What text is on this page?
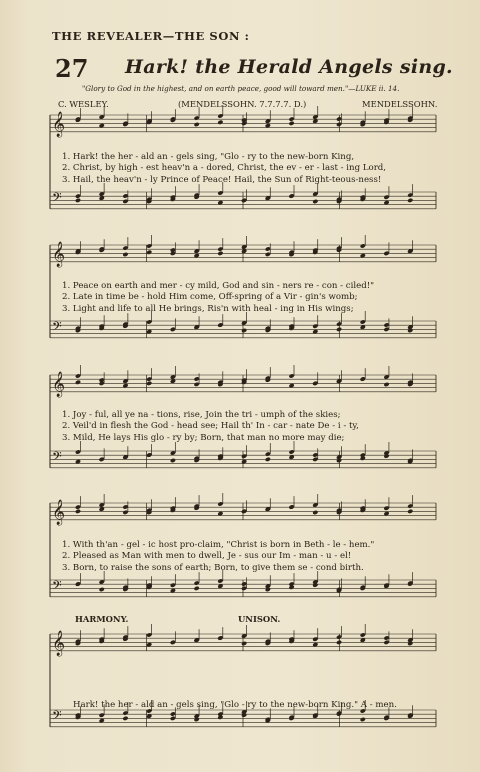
THE REVEALER—THE SON :
27 Hark! the Herald Angels sing.
"Glory to God in the highest, and on earth peace, good will toward men."—LUKE ii. 14.
C. WESLEY.	(MENDELSSOHN. 7.7.7.7. D.)	MENDELSSOHN.
𝄞
𝄢
𝄞
𝄢
𝄞
𝄢
𝄞
𝄢
𝄞
𝄢
1. Hark! the her - ald an - gels sing, "Glo - ry to the new-born King,
2. Christ, by high - est heav'n a - dored, Christ, the ev - er - last - ing Lord,
3. Hail, the heav'n - ly Prince of Peace! Hail, the Sun of Right-teous-ness!
1. Peace on earth and mer - cy mild, God and sin - ners re - con - ciled!"
2. Late in time be - hold Him come, Off-spring of a Vir - gin's womb;
3. Light and life to all He brings, Ris'n with heal - ing in His wings;
1. Joy - ful, all ye na - tions, rise, Join the tri - umph of the skies;
2. Veil'd in flesh the God - head see; Hail th' In - car - nate De - i - ty,
3. Mild, He lays His glo - ry by; Born, that man no more may die;
1. With th'an - gel - ic host pro-claim, "Christ is born in Beth - le - hem."
2. Pleased as Man with men to dwell, Je - sus our Im - man - u - el!
3. Born, to raise the sons of earth; Born, to give them se - cond birth.
HARMONY.	UNISON.
Hark! the her - ald an - gels sing, "Glo - ry to the new-born King." A - men.
